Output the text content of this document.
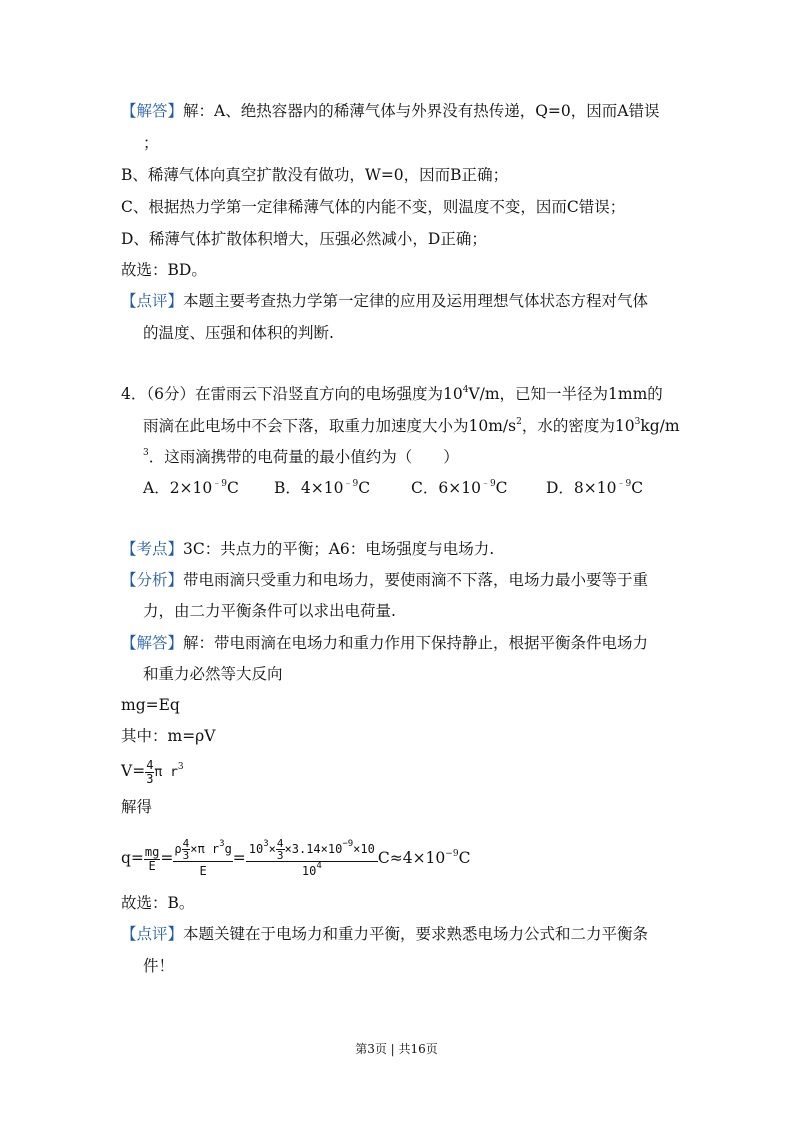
【解答】解：A、绝热容器内的稀薄气体与外界没有热传递，Q=0，因而A错误
；
B、稀薄气体向真空扩散没有做功，W=0，因而B正确；
C、根据热力学第一定律稀薄气体的内能不变，则温度不变，因而C错误；
D、稀薄气体扩散体积增大，压强必然减小，D正确；
故选：BD。
【点评】本题主要考查热力学第一定律的应用及运用理想气体状态方程对气体
的温度、压强和体积的判断.
4．（6分）在雷雨云下沿竖直方向的电场强度为$10^4V/m$，已知一半径为1mm的
雨滴在此电场中不会下落，取重力加速度大小为$10m/s^2$，水的密度为$10^3kg/m$
$^3$．这雨滴携带的电荷量的最小值约为（　　）
A．$2\times 10^{﹣9}C$ B．$4\times 10^{﹣9}C$	C．$6\times 10^{﹣9}C$ D．$8\times 10^{﹣9}C$
【考点】3C：共点力的平衡；A6：电场强度与电场力.
【分析】带电雨滴只受重力和电场力，要使雨滴不下落，电场力最小要等于重
力，由二力平衡条件可以求出电荷量.
【解答】解：带电雨滴在电场力和重力作用下保持静止，根据平衡条件电场力
和重力必然等大反向
mg=Eq
其中：m=ρV
$V= \frac{4}{3}$ π $r^3$
解得
$q= \frac{mg}{E} = \frac{\rho \frac{4}{3} \times\pi r^3g}{E} = \frac{10^3\times \frac{4}{3} \times 3.14\times 10^{-9}\times 10}{10^4} C\approx 4\times 10^{-9}C$
故选：B。
【点评】本题关键在于电场力和重力平衡，要求熟悉电场力公式和二力平衡条
件！
第3页 | 共16页
